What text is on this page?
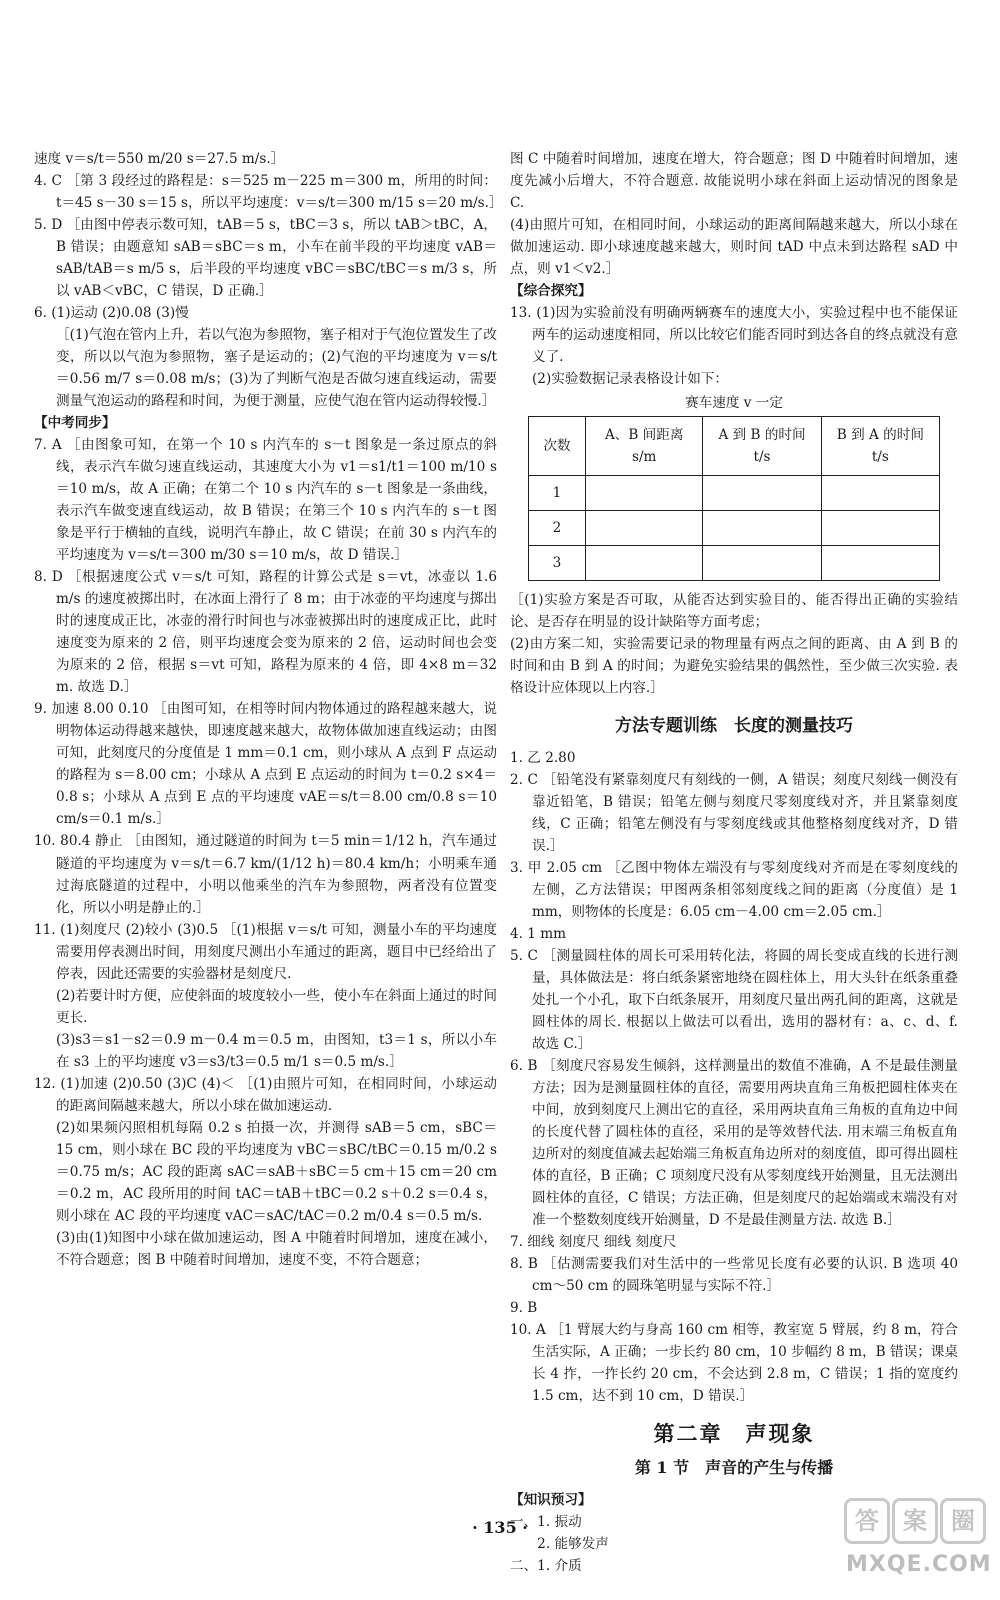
速度 v＝s/t＝550 m/20 s＝27.5 m/s.］
4. C ［第 3 段经过的路程是：s＝525 m－225 m＝300 m，所用的时间：t＝45 s－30 s＝15 s，所以平均速度：v＝s/t＝300 m/15 s＝20 m/s.］
5. D ［由图中停表示数可知，tAB＝5 s，tBC＝3 s，所以 tAB＞tBC，A，B 错误；由题意知 sAB＝sBC＝s m，小车在前半段的平均速度 vAB＝sAB/tAB＝s m/5 s，后半段的平均速度 vBC＝sBC/tBC＝s m/3 s，所以 vAB＜vBC，C 错误，D 正确.］
6. (1)运动 (2)0.08 (3)慢
［(1)气泡在管内上升，若以气泡为参照物，塞子相对于气泡位置发生了改变，所以以气泡为参照物，塞子是运动的；(2)气泡的平均速度为 v＝s/t＝0.56 m/7 s＝0.08 m/s；(3)为了判断气泡是否做匀速直线运动，需要测量气泡运动的路程和时间，为便于测量，应使气泡在管内运动得较慢.］
【中考同步】
7. A ［由图象可知，在第一个 10 s 内汽车的 s－t 图象是一条过原点的斜线，表示汽车做匀速直线运动，其速度大小为 v1＝s1/t1＝100 m/10 s＝10 m/s，故 A 正确；在第二个 10 s 内汽车的 s－t 图象是一条曲线，表示汽车做变速直线运动，故 B 错误；在第三个 10 s 内汽车的 s－t 图象是平行于横轴的直线，说明汽车静止，故 C 错误；在前 30 s 内汽车的平均速度为 v＝s/t＝300 m/30 s＝10 m/s，故 D 错误.］
8. D ［根据速度公式 v＝s/t 可知，路程的计算公式是 s＝vt，冰壶以 1.6 m/s 的速度被掷出时，在冰面上滑行了 8 m；由于冰壶的平均速度与掷出时的速度成正比，冰壶的滑行时间也与冰壶被掷出时的速度成正比，此时速度变为原来的 2 倍，则平均速度会变为原来的 2 倍，运动时间也会变为原来的 2 倍，根据 s＝vt 可知，路程为原来的 4 倍，即 4×8 m＝32 m. 故选 D.］
9. 加速 8.00 0.10 ［由图可知，在相等时间内物体通过的路程越来越大，说明物体运动得越来越快，即速度越来越大，故物体做加速直线运动；由图可知，此刻度尺的分度值是 1 mm＝0.1 cm，则小球从 A 点到 F 点运动的路程为 s＝8.00 cm；小球从 A 点到 E 点运动的时间为 t＝0.2 s×4＝0.8 s；小球从 A 点到 E 点的平均速度 vAE＝s/t＝8.00 cm/0.8 s＝10 cm/s＝0.1 m/s.］
10. 80.4 静止 ［由图知，通过隧道的时间为 t＝5 min＝1/12 h，汽车通过隧道的平均速度为 v＝s/t＝6.7 km/(1/12 h)＝80.4 km/h；小明乘车通过海底隧道的过程中，小明以他乘坐的汽车为参照物，两者没有位置变化，所以小明是静止的.］
11. (1)刻度尺 (2)较小 (3)0.5 ［(1)根据 v＝s/t 可知，测量小车的平均速度需要用停表测出时间，用刻度尺测出小车通过的距离，题目中已经给出了停表，因此还需要的实验器材是刻度尺.
(2)若要计时方便，应使斜面的坡度较小一些，使小车在斜面上通过的时间更长.
(3)s3＝s1－s2＝0.9 m－0.4 m＝0.5 m，由图知，t3＝1 s，所以小车在 s3 上的平均速度 v3＝s3/t3＝0.5 m/1 s＝0.5 m/s.］
12. (1)加速 (2)0.50 (3)C (4)＜ ［(1)由照片可知，在相同时间，小球运动的距离间隔越来越大，所以小球在做加速运动.
(2)如果频闪照相机每隔 0.2 s 拍摄一次，并测得 sAB＝5 cm，sBC＝15 cm，则小球在 BC 段的平均速度为 vBC＝sBC/tBC＝0.15 m/0.2 s＝0.75 m/s；AC 段的距离 sAC＝sAB＋sBC＝5 cm＋15 cm＝20 cm＝0.2 m，AC 段所用的时间 tAC＝tAB＋tBC＝0.2 s＋0.2 s＝0.4 s，则小球在 AC 段的平均速度 vAC＝sAC/tAC＝0.2 m/0.4 s＝0.5 m/s.
(3)由(1)知图中小球在做加速运动，图 A 中随着时间增加，速度在减小，不符合题意；图 B 中随着时间增加，速度不变，不符合题意；
图 C 中随着时间增加，速度在增大，符合题意；图 D 中随着时间增加，速度先减小后增大，不符合题意. 故能说明小球在斜面上运动情况的图象是 C.
(4)由照片可知，在相同时间，小球运动的距离间隔越来越大，所以小球在做加速运动. 即小球速度越来越大，则时间 tAD 中点未到达路程 sAD 中点，则 v1＜v2.］
【综合探究】
13. (1)因为实验前没有明确两辆赛车的速度大小，实验过程中也不能保证两车的运动速度相同，所以比较它们能否同时到达各自的终点就没有意义了.
(2)实验数据记录表格设计如下：
赛车速度 v 一定
次数	A、B 间距离 s/m	A 到 B 的时间 t/s	B 到 A 的时间 t/s
1			
2			
3			
［(1)实验方案是否可取，从能否达到实验目的、能否得出正确的实验结论、是否存在明显的设计缺陷等方面考虑；
(2)由方案二知，实验需要记录的物理量有两点之间的距离、由 A 到 B 的时间和由 B 到 A 的时间；为避免实验结果的偶然性，至少做三次实验. 表格设计应体现以上内容.］
方法专题训练　长度的测量技巧
1. 乙 2.80
2. C ［铅笔没有紧靠刻度尺有刻线的一侧，A 错误；刻度尺刻线一侧没有靠近铅笔，B 错误；铅笔左侧与刻度尺零刻度线对齐，并且紧靠刻度线，C 正确；铅笔左侧没有与零刻度线或其他整格刻度线对齐，D 错误.］
3. 甲 2.05 cm ［乙图中物体左端没有与零刻度线对齐而是在零刻度线的左侧，乙方法错误；甲图两条相邻刻度线之间的距离（分度值）是 1 mm，则物体的长度是：6.05 cm－4.00 cm＝2.05 cm.］
4. 1 mm
5. C ［测量圆柱体的周长可采用转化法，将圆的周长变成直线的长进行测量，具体做法是：将白纸条紧密地绕在圆柱体上，用大头针在纸条重叠处扎一个小孔，取下白纸条展开，用刻度尺量出两孔间的距离，这就是圆柱体的周长. 根据以上做法可以看出，选用的器材有：a、c、d、f. 故选 C.］
6. B ［刻度尺容易发生倾斜，这样测量出的数值不准确，A 不是最佳测量方法；因为是测量圆柱体的直径，需要用两块直角三角板把圆柱体夹在中间，放到刻度尺上测出它的直径，采用两块直角三角板的直角边中间的长度代替了圆柱体的直径，采用的是等效替代法. 用末端三角板直角边所对的刻度值减去起始端三角板直角边所对的刻度值，即可得出圆柱体的直径，B 正确；C 项刻度尺没有从零刻度线开始测量，且无法测出圆柱体的直径，C 错误；方法正确，但是刻度尺的起始端或末端没有对准一个整数刻度线开始测量，D 不是最佳测量方法. 故选 B.］
7. 细线 刻度尺 细线 刻度尺
8. B ［估测需要我们对生活中的一些常见长度有必要的认识. B 选项 40 cm～50 cm 的圆珠笔明显与实际不符.］
9. B
10. A ［1 臂展大约与身高 160 cm 相等，教室宽 5 臂展，约 8 m，符合生活实际，A 正确；一步长约 80 cm，10 步幅约 8 m，B 错误；课桌长 4 拃，一拃长约 20 cm，不会达到 2.8 m，C 错误；1 指的宽度约 1.5 cm，达不到 10 cm，D 错误.］
第二章　声现象
第 1 节　声音的产生与传播
【知识预习】
一、1. 振动
　　2. 能够发声
二、1. 介质
· 135 ·	答	案	圈
MXQE.COM
